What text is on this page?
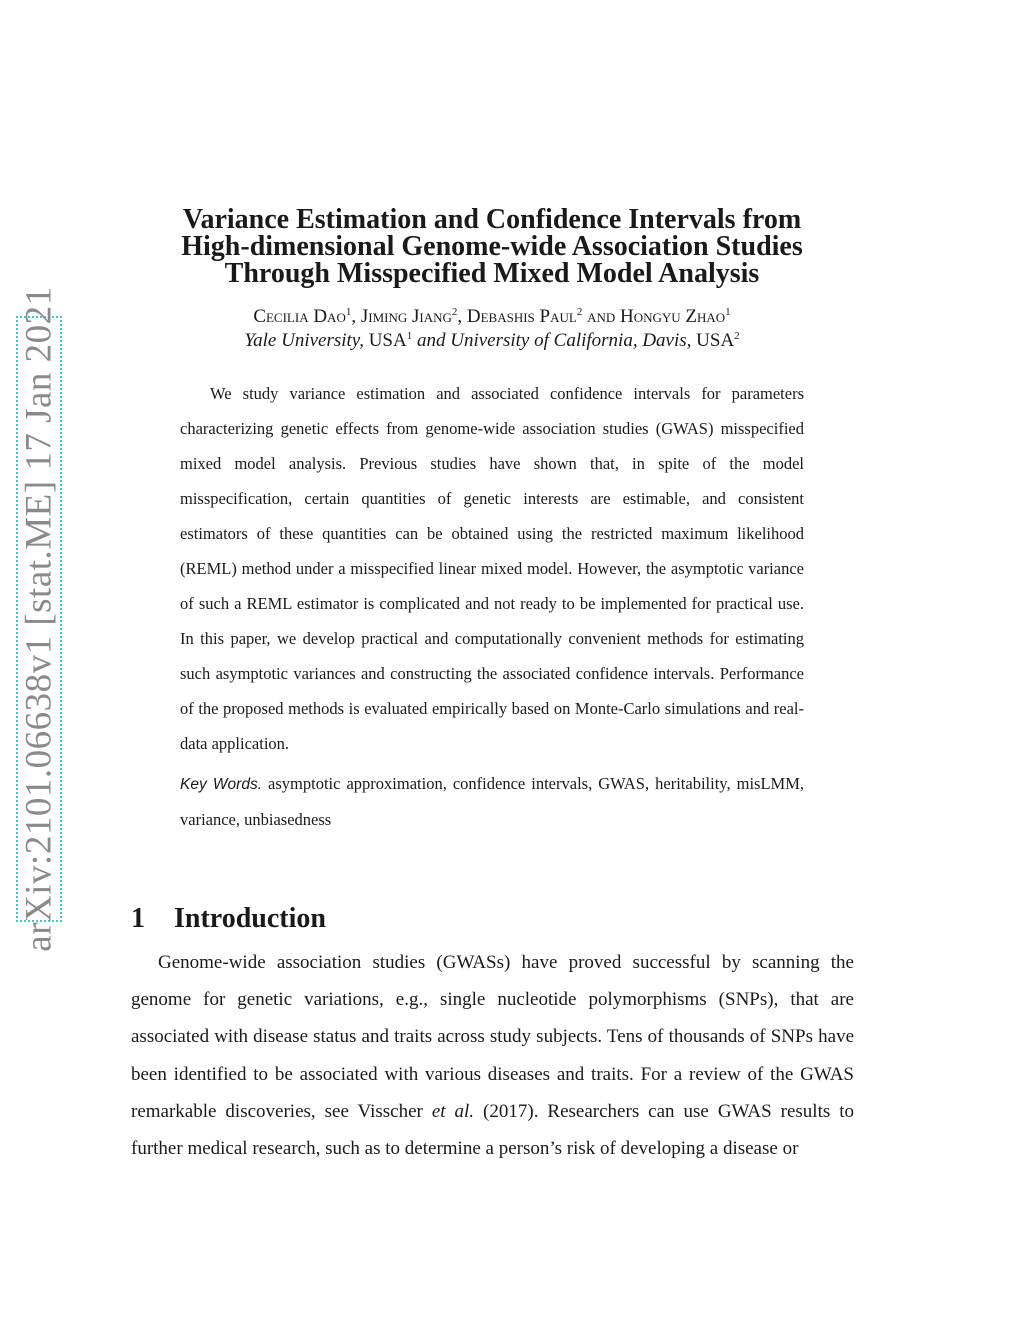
arXiv:2101.06638v1 [stat.ME] 17 Jan 2021
Variance Estimation and Confidence Intervals from
High-dimensional Genome-wide Association Studies
Through Misspecified Mixed Model Analysis
Cecilia Dao$^1$, Jiming Jiang$^2$, Debashis Paul$^2$ and Hongyu Zhao$^1$
Yale University, USA$^1$ and University of California, Davis, USA$^2$

We study variance estimation and associated confidence intervals for parameters characterizing genetic effects from genome-wide association studies (GWAS) misspecified mixed model analysis. Previous studies have shown that, in spite of the model misspecification, certain quantities of genetic interests are estimable, and consistent estimators of these quantities can be obtained using the restricted maximum likelihood (REML) method under a misspecified linear mixed model. However, the asymptotic variance of such a REML estimator is complicated and not ready to be implemented for practical use. In this paper, we develop practical and computationally convenient methods for estimating such asymptotic variances and constructing the associated confidence intervals. Performance of the proposed methods is evaluated empirically based on Monte-Carlo simulations and real-data application.

Key Words. asymptotic approximation, confidence intervals, GWAS, heritability, misLMM, variance, unbiasedness
1 Introduction

Genome-wide association studies (GWASs) have proved successful by scanning the genome for genetic variations, e.g., single nucleotide polymorphisms (SNPs), that are associated with disease status and traits across study subjects. Tens of thousands of SNPs have been identified to be associated with various diseases and traits. For a review of the GWAS remarkable discoveries, see Visscher et al. (2017). Researchers can use GWAS results to further medical research, such as to determine a person’s risk of developing a disease or
